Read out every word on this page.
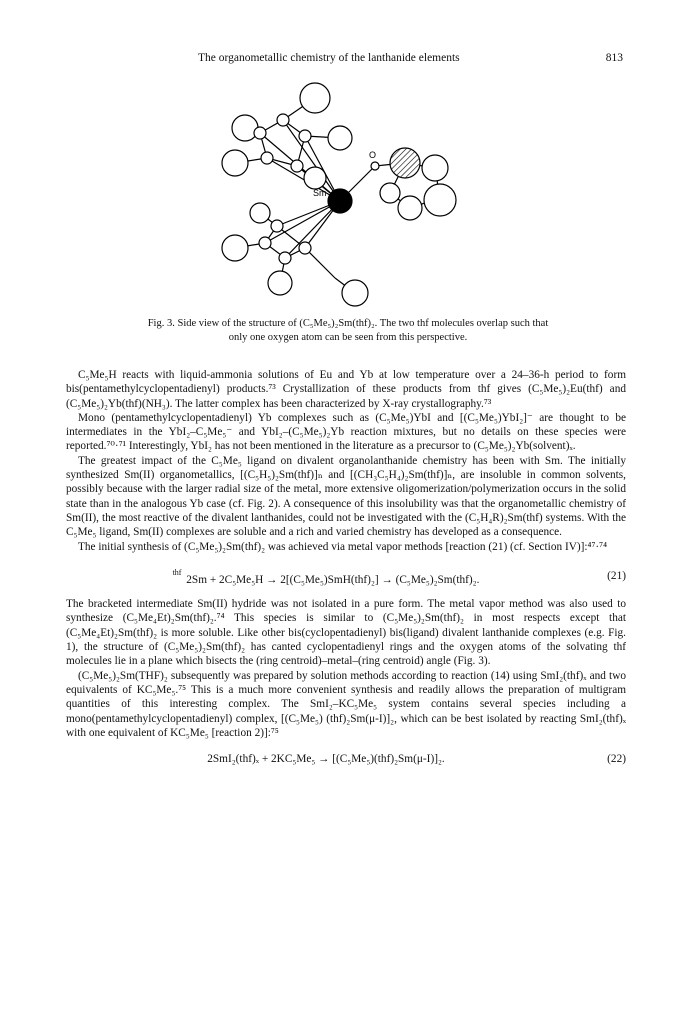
The organometallic chemistry of the lanthanide elements	813
Sm
O
Fig. 3. Side view of the structure of (C₅Me₅)₂Sm(thf)₂. The two thf molecules overlap such that
only one oxygen atom can be seen from this perspective.

C₅Me₅H reacts with liquid-ammonia solutions of Eu and Yb at low temperature over a 24–36-h period to form bis(pentamethylcyclopentadienyl) products.⁷³ Crystallization of these products from thf gives (C₅Me₅)₂Eu(thf) and (C₅Me₅)₂Yb(thf)(NH₃). The latter complex has been characterized by X-ray crystallography.⁷³

Mono (pentamethylcyclopentadienyl) Yb complexes such as (C₅Me₅)YbI and [(C₅Me₅)YbI₂]⁻ are thought to be intermediates in the YbI₂–C₅Me₅⁻ and YbI₂–(C₅Me₅)₂Yb reaction mixtures, but no details on these species were reported.⁷⁰·⁷¹ Interestingly, YbI₂ has not been mentioned in the literature as a precursor to (C₅Me₅)₂Yb(solvent)ₓ.

The greatest impact of the C₅Me₅ ligand on divalent organolanthanide chemistry has been with Sm. The initially synthesized Sm(II) organometallics, [(C₅H₅)₂Sm(thf)]ₙ and [(CH₃C₅H₄)₂Sm(thf)]ₙ, are insoluble in common solvents, possibly because with the larger radial size of the metal, more extensive oligomerization/polymerization occurs in the solid state than in the analogous Yb case (cf. Fig. 2). A consequence of this insolubility was that the organometallic chemistry of Sm(II), the most reactive of the divalent lanthanides, could not be investigated with the (C₅H₄R)₂Sm(thf) systems. With the C₅Me₅ ligand, Sm(II) complexes are soluble and a rich and varied chemistry has developed as a consequence.

The initial synthesis of (C₅Me₅)₂Sm(thf)₂ was achieved via metal vapor methods [reaction (21) (cf. Section IV)]:⁴⁷·⁷⁴

$^{thf}$ 2Sm + 2C₅Me₅H → 2[(C₅Me₅)SmH(thf)₂] → (C₅Me₅)₂Sm(thf)₂.	(21)

The bracketed intermediate Sm(II) hydride was not isolated in a pure form. The metal vapor method was also used to synthesize (C₅Me₄Et)₂Sm(thf)₂.⁷⁴ This species is similar to (C₅Me₅)₂Sm(thf)₂ in most respects except that (C₅Me₄Et)₂Sm(thf)₂ is more soluble. Like other bis(cyclopentadienyl) bis(ligand) divalent lanthanide complexes (e.g. Fig. 1), the structure of (C₅Me₅)₂Sm(thf)₂ has canted cyclopentadienyl rings and the oxygen atoms of the solvating thf molecules lie in a plane which bisects the (ring centroid)–metal–(ring centroid) angle (Fig. 3).

(C₅Me₅)₂Sm(THF)₂ subsequently was prepared by solution methods according to reaction (14) using SmI₂(thf)ₓ and two equivalents of KC₅Me₅.⁷⁵ This is a much more convenient synthesis and readily allows the preparation of multigram quantities of this interesting complex. The SmI₂–KC₅Me₅ system contains several species including a mono(pentamethylcyclopentadienyl) complex, [(C₅Me₅) (thf)₂Sm(μ-I)]₂, which can be best isolated by reacting SmI₂(thf)ₓ with one equivalent of KC₅Me₅ [reaction 2)]:⁷⁵

2SmI₂(thf)ₓ + 2KC₅Me₅ → [(C₅Me₅)(thf)₂Sm(μ-I)]₂.	(22)
